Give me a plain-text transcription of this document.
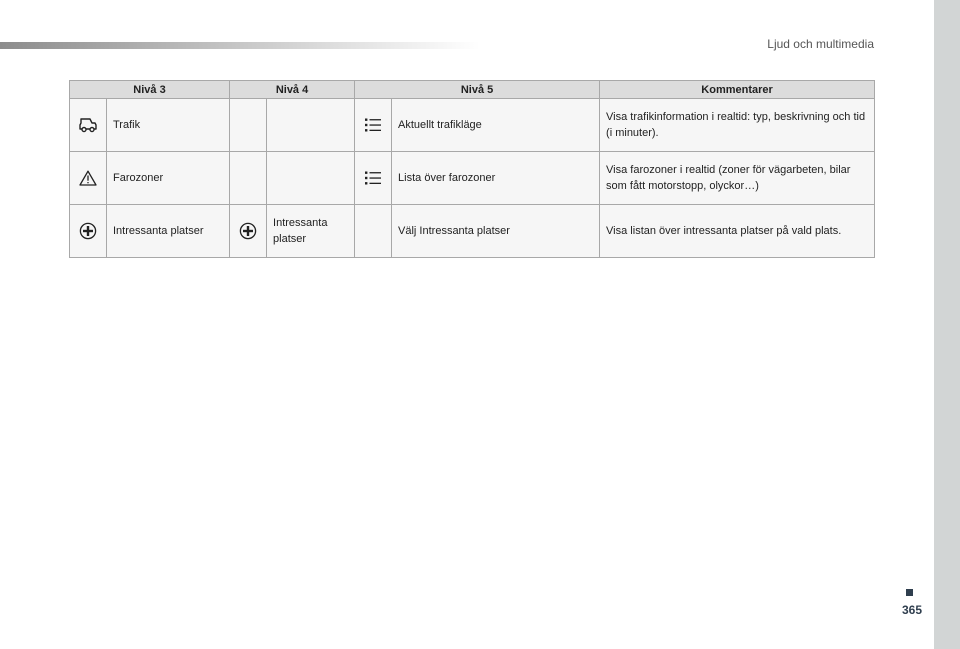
Ljud och multimedia
Nivå 3		Nivå 4		Nivå 5		Kommentarer
	Trafik				Aktuellt trafikläge	Visa trafikinformation i realtid: typ, beskrivning och tid (i minuter).
	Farozoner				Lista över farozoner	Visa farozoner i realtid (zoner för vägarbeten, bilar som fått motorstopp, olyckor…)
	Intressanta platser		Intressanta platser		Välj Intressanta platser	Visa listan över intressanta platser på vald plats.
365
